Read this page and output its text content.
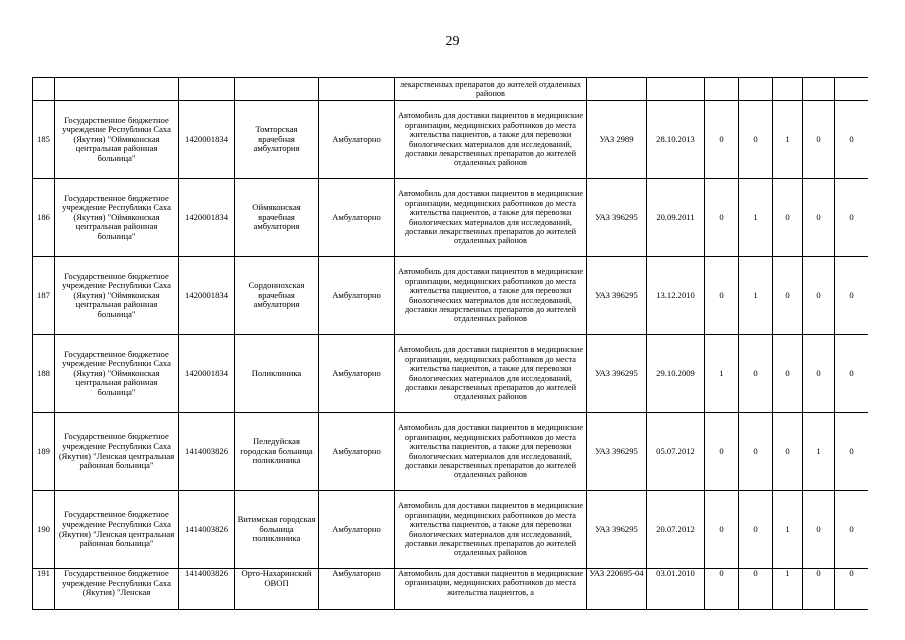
29
					лекарственных препаратов до жителей отдаленных районов							
185	Государственное бюджетное учреждение Республики Саха (Якутия) "Оймяконская центральная районная больница"	1420001834	Томторская врачебная амбулатория	Амбулаторно	Автомобиль для доставки пациентов в медицинские организации, медицинских работников до места жительства пациентов, а также для перевозки биологических материалов для исследований, доставки лекарственных препаратов до жителей отдаленных районов	УАЗ 2989	28.10.2013	0	0	1	0	0
186	Государственное бюджетное учреждение Республики Саха (Якутия) "Оймяконская центральная районная больница"	1420001834	Оймяконская врачебная амбулатория	Амбулаторно	Автомобиль для доставки пациентов в медицинские организации, медицинских работников до места жительства пациентов, а также для перевозки биологических материалов для исследований, доставки лекарственных препаратов до жителей отдаленных районов	УАЗ 396295	20.09.2011	0	1	0	0	0
187	Государственное бюджетное учреждение Республики Саха (Якутия) "Оймяконская центральная районная больница"	1420001834	Сордоннохская врачебная амбулатория	Амбулаторно	Автомобиль для доставки пациентов в медицинские организации, медицинских работников до места жительства пациентов, а также для перевозки биологических материалов для исследований, доставки лекарственных препаратов до жителей отдаленных районов	УАЗ 396295	13.12.2010	0	1	0	0	0
188	Государственное бюджетное учреждение Республики Саха (Якутия) "Оймяконская центральная районная больница"	1420001834	Поликлиника	Амбулаторно	Автомобиль для доставки пациентов в медицинские организации, медицинских работников до места жительства пациентов, а также для перевозки биологических материалов для исследований, доставки лекарственных препаратов до жителей отдаленных районов	УАЗ 396295	29.10.2009	1	0	0	0	0
189	Государственное бюджетное учреждение Республики Саха (Якутия) "Ленская центральная районная больница"	1414003826	Пеледуйская городская больница поликлиника	Амбулаторно	Автомобиль для доставки пациентов в медицинские организации, медицинских работников до места жительства пациентов, а также для перевозки биологических материалов для исследований, доставки лекарственных препаратов до жителей отдаленных районов	УАЗ 396295	05.07.2012	0	0	0	1	0
190	Государственное бюджетное учреждение Республики Саха (Якутия) "Ленская центральная районная больница"	1414003826	Витимская городская больница поликлиника	Амбулаторно	Автомобиль для доставки пациентов в медицинские организации, медицинских работников до места жительства пациентов, а также для перевозки биологических материалов для исследований, доставки лекарственных препаратов до жителей отдаленных районов	УАЗ 396295	20.07.2012	0	0	1	0	0
191	Государственное бюджетное учреждение Республики Саха (Якутия) "Ленская	1414003826	Орто-Нахаринский ОВОП	Амбулаторно	Автомобиль для доставки пациентов в медицинские организации, медицинских работников до места жительства пациентов, а	УАЗ 220695-04	03.01.2010	0	0	1	0	0
